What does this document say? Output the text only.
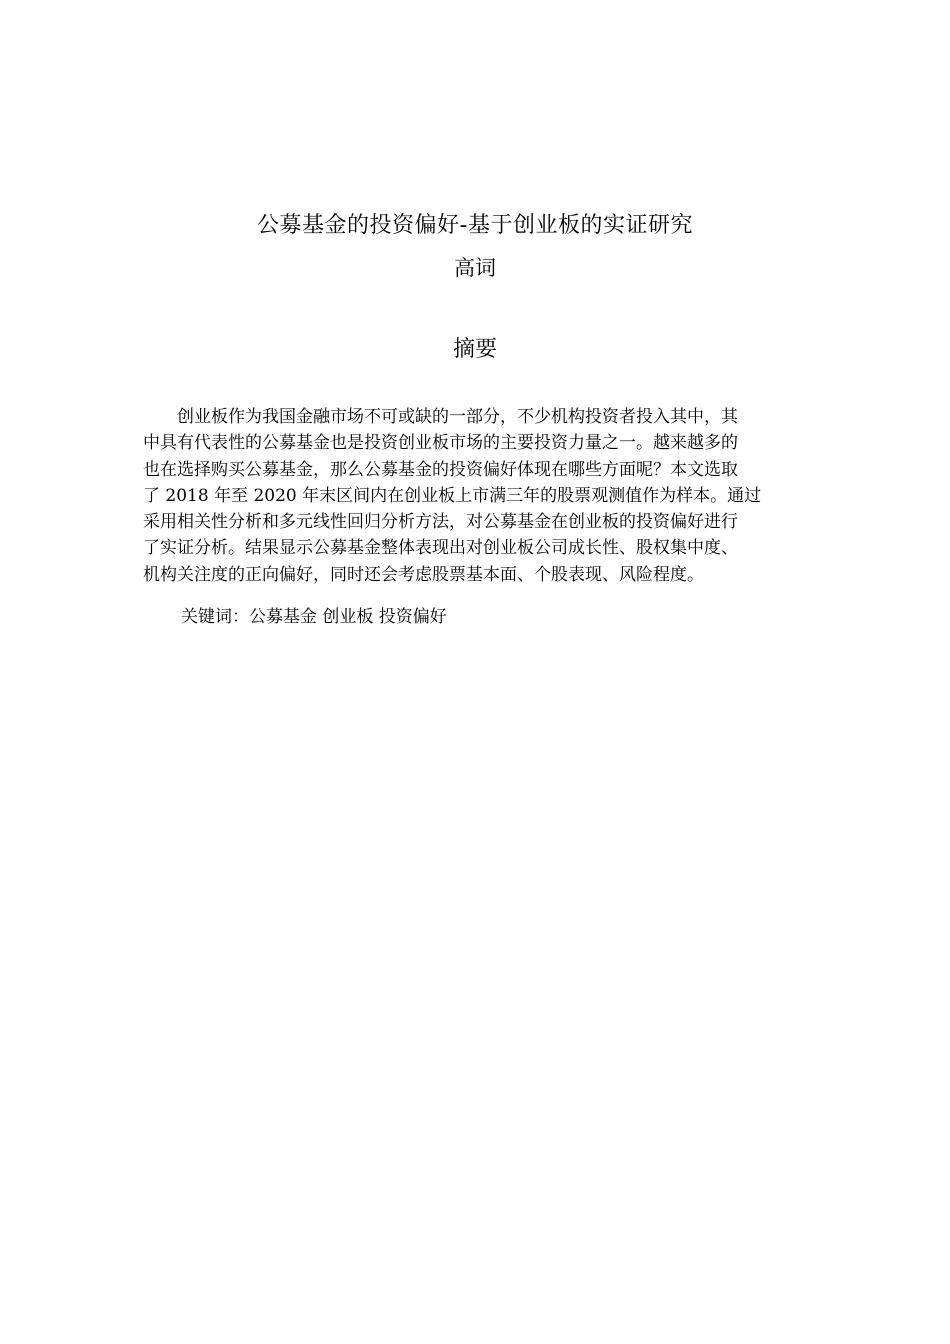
公募基金的投资偏好-基于创业板的实证研究
高词
摘要
　　创业板作为我国金融市场不可或缺的一部分，不少机构投资者投入其中，其
中具有代表性的公募基金也是投资创业板市场的主要投资力量之一。越来越多的
也在选择购买公募基金，那么公募基金的投资偏好体现在哪些方面呢？本文选取
了 2018 年至 2020 年末区间内在创业板上市满三年的股票观测值作为样本。通过
采用相关性分析和多元线性回归分析方法，对公募基金在创业板的投资偏好进行
了实证分析。结果显示公募基金整体表现出对创业板公司成长性、股权集中度、
机构关注度的正向偏好，同时还会考虑股票基本面、个股表现、风险程度。
关键词：公募基金 创业板 投资偏好
